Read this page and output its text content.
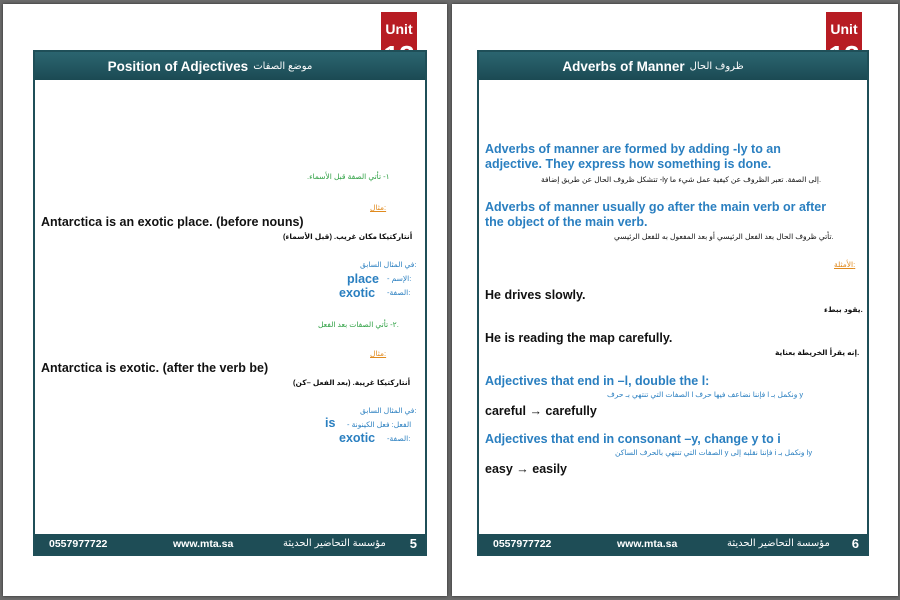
Unit
Position of Adjectives موضع الصفات
١- تأتي الصفة قبل الأسماء.
مثال:
Antarctica is an exotic place. (before nouns)
أنتاركتيكا مكان غريب. (قبل الأسماء)
في المثال السابق:
- الإسم:
place
-الصفة:
exotic
٢- تأتي الصفات بعد الفعل.
مثال:
Antarctica is exotic. (after the verb be)
أنتاركتيكا غريبة. (بعد الفعل –كن)
في المثال السابق:
- الفعل: فعل الكينونة
is
-الصفة:
exotic
0557977722	www.mta.sa	مؤسسة التحاضير الحديثة 5
Unit
Adverbs of Manner ظروف الحال
Adverbs of manner are formed by adding -ly to an
adjective. They express how something is done.
تتشكل ظروف الحال عن طريق إضافة -ly إلى الصفة. تعبر الظروف عن كيفية عمل شيء ما.
Adverbs of manner usually go after the main verb or after
the object of the main verb.
تأتي ظروف الحال بعد الفعل الرئيسي أو بعد المفعول به للفعل الرئيسي.
الأمثلة:
He drives slowly.
يقود ببطء.
He is reading the map carefully.
إنه يقرأ الخريطة بعناية.
Adjectives that end in –l, double the l:
الصفات التي تنتهي بـ حرف l فإننا نضاعف فيها حرف l ونكمل بـ y
careful → carefully
Adjectives that end in consonant –y, change y to i
الصفات التي تنتهي بالحرف الساكن y فإننا نقلبه إلى i ونكمل بـ ly
easy → easily
0557977722	www.mta.sa	مؤسسة التحاضير الحديثة 6
